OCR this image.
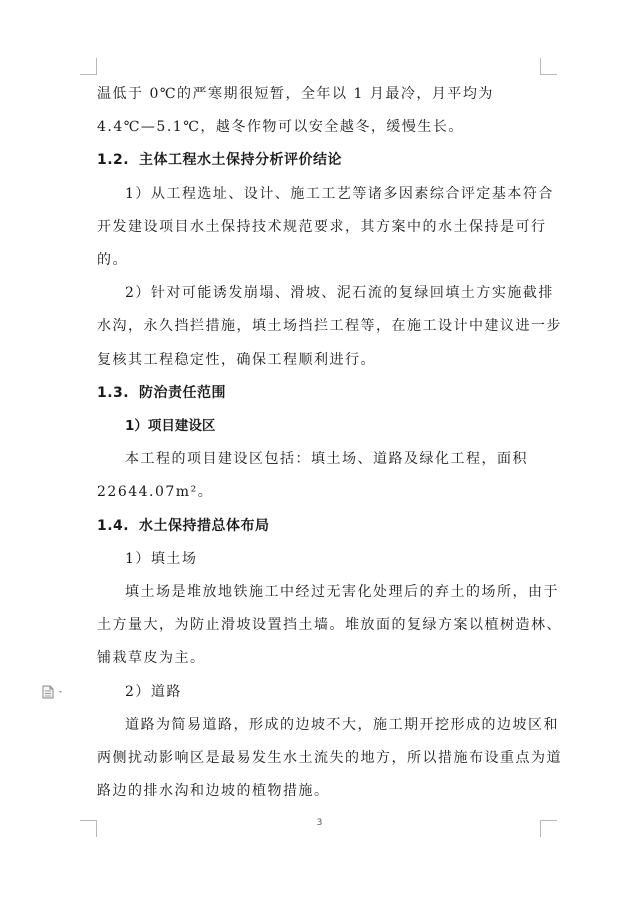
温低于 0℃的严寒期很短暂，全年以 1 月最冷，月平均为
4.4℃—5.1℃，越冬作物可以安全越冬，缓慢生长。

1.2. 主体工程水土保持分析评价结论

1）从工程选址、设计、施工工艺等诸多因素综合评定基本符合
开发建设项目水土保持技术规范要求，其方案中的水土保持是可行
的。

2）针对可能诱发崩塌、滑坡、泥石流的复绿回填土方实施截排
水沟，永久挡拦措施，填土场挡拦工程等，在施工设计中建议进一步
复核其工程稳定性，确保工程顺利进行。

1.3. 防治责任范围

1）项目建设区

本工程的项目建设区包括：填土场、道路及绿化工程，面积
22644.07m²。

1.4. 水土保持措总体布局

1）填土场

填土场是堆放地铁施工中经过无害化处理后的弃土的场所，由于
土方量大，为防止滑坡设置挡土墙。堆放面的复绿方案以植树造林、
铺栽草皮为主。

2）道路

道路为简易道路，形成的边坡不大，施工期开挖形成的边坡区和
两侧扰动影响区是最易发生水土流失的地方，所以措施布设重点为道
路边的排水沟和边坡的植物措施。

3
